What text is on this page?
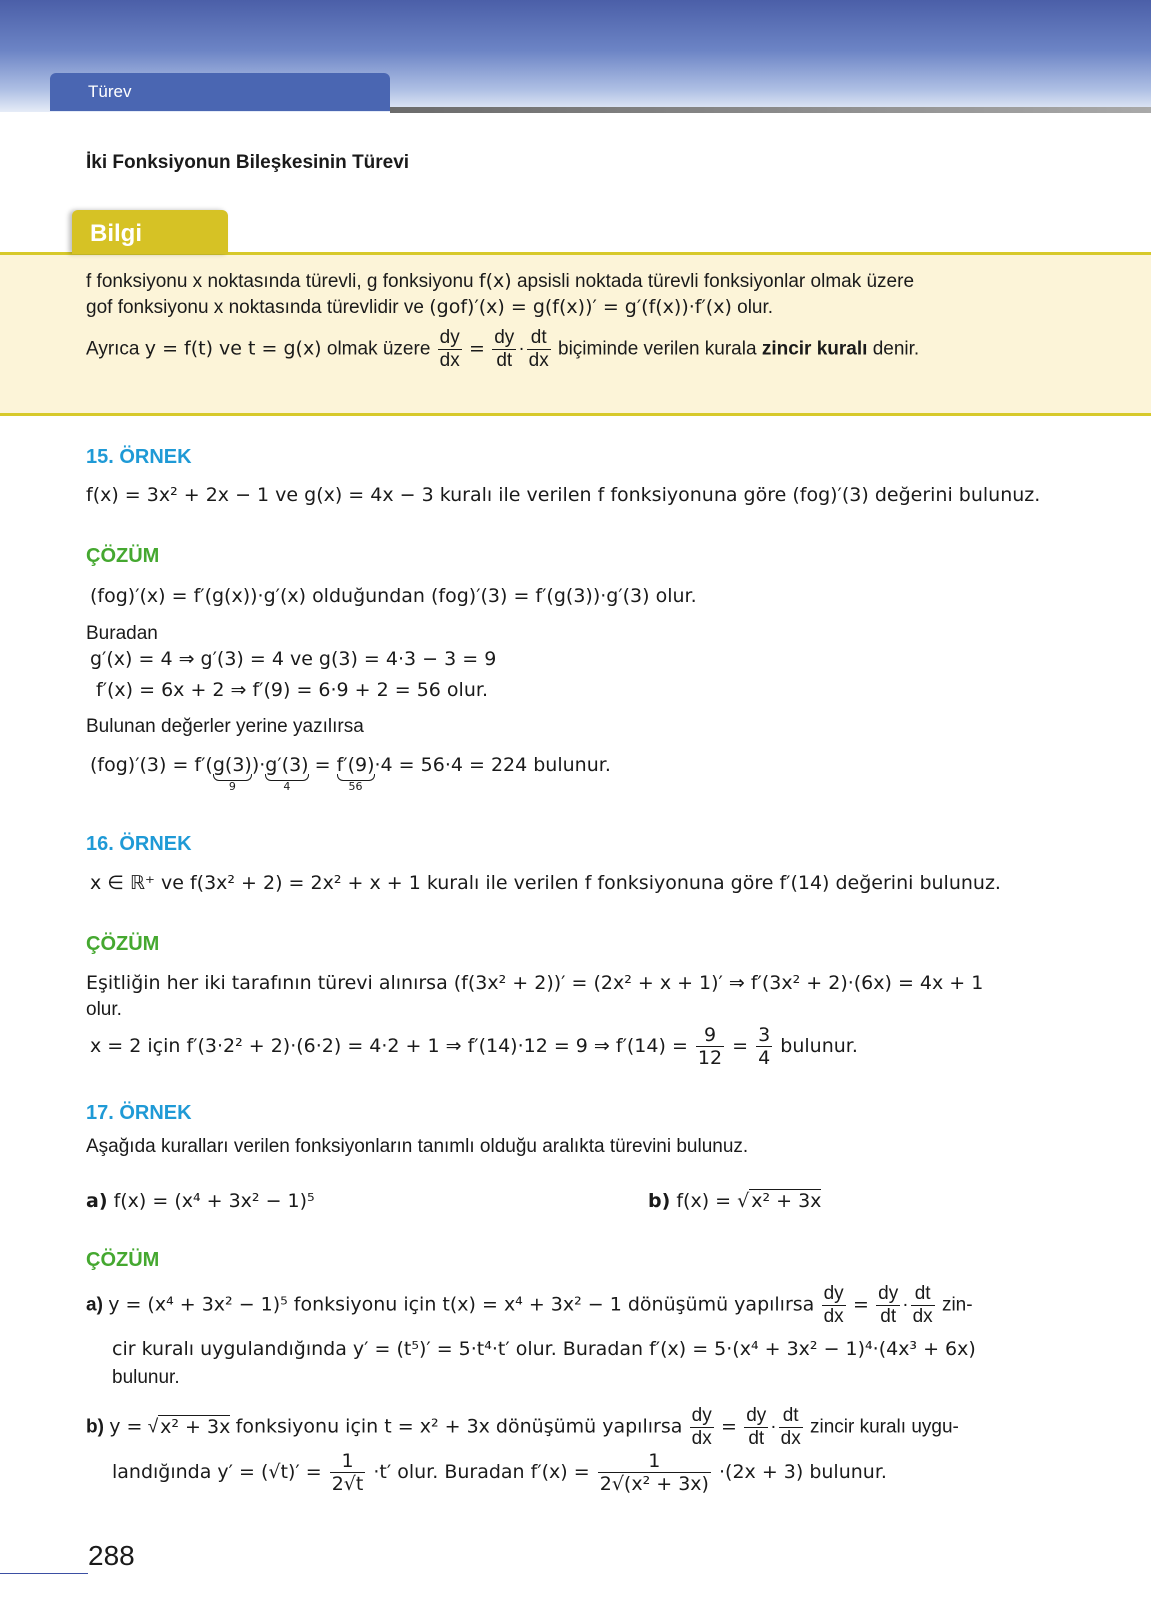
Türev
İki Fonksiyonun Bileşkesinin Türevi
f fonksiyonu x noktasında türevli, g fonksiyonu f(x) apsisli noktada türevli fonksiyonlar olmak üzere
gof fonksiyonu x noktasında türevlidir ve (gof)′(x) = g(f(x))′ = g′(f(x))·f′(x) olur.
Ayrıca y = f(t) ve t = g(x) olmak üzere $\frac{dy}{dx} = \frac{dy}{dt} \cdot \frac{dt}{dx}$ biçiminde verilen kurala zincir kuralı denir.
Bilgi
15. ÖRNEK
f(x) = 3x² + 2x − 1 ve g(x) = 4x − 3 kuralı ile verilen f fonksiyonuna göre (fog)′(3) değerini bulunuz.
ÇÖZÜM
(fog)′(x) = f′(g(x))·g′(x) olduğundan (fog)′(3) = f′(g(3))·g′(3) olur.
Buradan
g′(x) = 4 ⇒ g′(3) = 4 ve g(3) = 4·3 − 3 = 9
f′(x) = 6x + 2 ⇒ f′(9) = 6·9 + 2 = 56 olur.
Bulunan değerler yerine yazılırsa
(fog)′(3) = f′(g(3)
9
)·g′(3)
4
= f′(9)
56
·4 = 56·4 = 224 bulunur.
16. ÖRNEK
x ∈ ℝ⁺ ve f(3x² + 2) = 2x² + x + 1 kuralı ile verilen f fonksiyonuna göre f′(14) değerini bulunuz.
ÇÖZÜM
Eşitliğin her iki tarafının türevi alınırsa (f(3x² + 2))′ = (2x² + x + 1)′ ⇒ f′(3x² + 2)·(6x) = 4x + 1
olur.
x = 2 için f′(3·2² + 2)·(6·2) = 4·2 + 1 ⇒ f′(14)·12 = 9 ⇒ $f'(14) = \frac{9}{12} = \frac{3}{4}$ bulunur.
17. ÖRNEK
Aşağıda kuralları verilen fonksiyonların tanımlı olduğu aralıkta türevini bulunuz.
a) f(x) = (x⁴ + 3x² − 1)⁵	b) f(x) = √ x² + 3x
ÇÖZÜM
a) y = (x⁴ + 3x² − 1)⁵ fonksiyonu için t(x) = x⁴ + 3x² − 1 dönüşümü yapılırsa $\frac{dy}{dx} = \frac{dy}{dt} \cdot \frac{dt}{dx} zin-$
cir kuralı uygulandığında y′ = (t⁵)′ = 5·t⁴·t′ olur. Buradan f′(x) = 5·(x⁴ + 3x² − 1)⁴·(4x³ + 6x)
bulunur.
b) y = √ x² + 3x fonksiyonu için t = x² + 3x dönüşümü yapılırsa $\frac{dy}{dx} = \frac{dy}{dt} \cdot \frac{dt}{dx}$ zincir kuralı uygu-
landığında $y' = (√t)' = \frac{1}{2√t} \cdot t'$ olur. Buradan $f'(x) = \frac{1}{\text{2√(x² + 3x)}} \cdot(2x + 3)$ bulunur.
288
